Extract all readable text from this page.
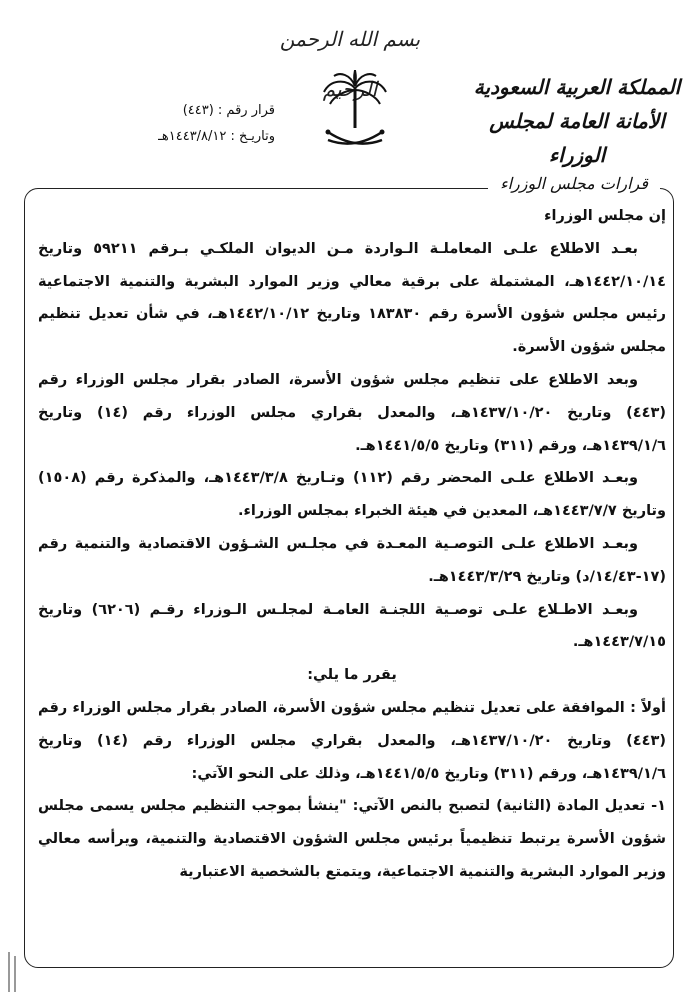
بسم الله الرحمن الرحيم	المملكة العربية السعودية
الأمانة العامة لمجلس الوزراء
قرار رقم : (٤٤٣)
وتاريـخ : ١٤٤٣/٨/١٢هـ
قرارات مجلس الوزراء

إن مجلس الوزراء

بعـد الاطلاع علـى المعاملـة الـواردة مـن الديوان الملكـي بـرقم ٥٩٢١١ وتاريخ ١٤٤٢/١٠/١٤هـ، المشتملة على برقية معالي وزير الموارد البشرية والتنمية الاجتماعية رئيس مجلس شؤون الأسرة رقم ١٨٣٨٣٠ وتاريخ ١٤٤٢/١٠/١٢هـ، في شأن تعديل تنظيم مجلس شؤون الأسرة.

وبعد الاطلاع على تنظيم مجلس شؤون الأسرة، الصادر بقرار مجلس الوزراء رقم (٤٤٣) وتاريخ ١٤٣٧/١٠/٢٠هـ، والمعدل بقراري مجلس الوزراء رقم (١٤) وتاريخ ١٤٣٩/١/٦هـ، ورقم (٣١١) وتاريخ ١٤٤١/٥/٥هـ.

وبعـد الاطلاع علـى المحضر رقم (١١٢) وتـاريخ ١٤٤٣/٣/٨هـ، والمذكرة رقم (١٥٠٨) وتاريخ ١٤٤٣/٧/٧هـ، المعدين في هيئة الخبراء بمجلس الوزراء.

وبعـد الاطلاع علـى التوصـية المعـدة في مجلـس الشـؤون الاقتصادية والتنمية رقم (١٧-١٤/٤٣/د) وتاريخ ١٤٤٣/٣/٢٩هـ.

وبعـد الاطـلاع علـى توصـية اللجنـة العامـة لمجلـس الـوزراء رقـم (٦٢٠٦) وتاريخ ١٤٤٣/٧/١٥هـ.

يقرر ما يلي:

أولاً : الموافقة على تعديل تنظيم مجلس شؤون الأسرة، الصادر بقرار مجلس الوزراء رقم (٤٤٣) وتاريخ ١٤٣٧/١٠/٢٠هـ، والمعدل بقراري مجلس الوزراء رقم (١٤) وتاريخ ١٤٣٩/١/٦هـ، ورقم (٣١١) وتاريخ ١٤٤١/٥/٥هـ، وذلك على النحو الآتي:

١- تعديل المادة (الثانية) لتصبح بالنص الآتي: "ينشأ بموجب التنظيم مجلس يسمى مجلس شؤون الأسرة يرتبط تنظيمياً برئيس مجلس الشؤون الاقتصادية والتنمية، ويرأسه معالي وزير الموارد البشرية والتنمية الاجتماعية، ويتمتع بالشخصية الاعتبارية
